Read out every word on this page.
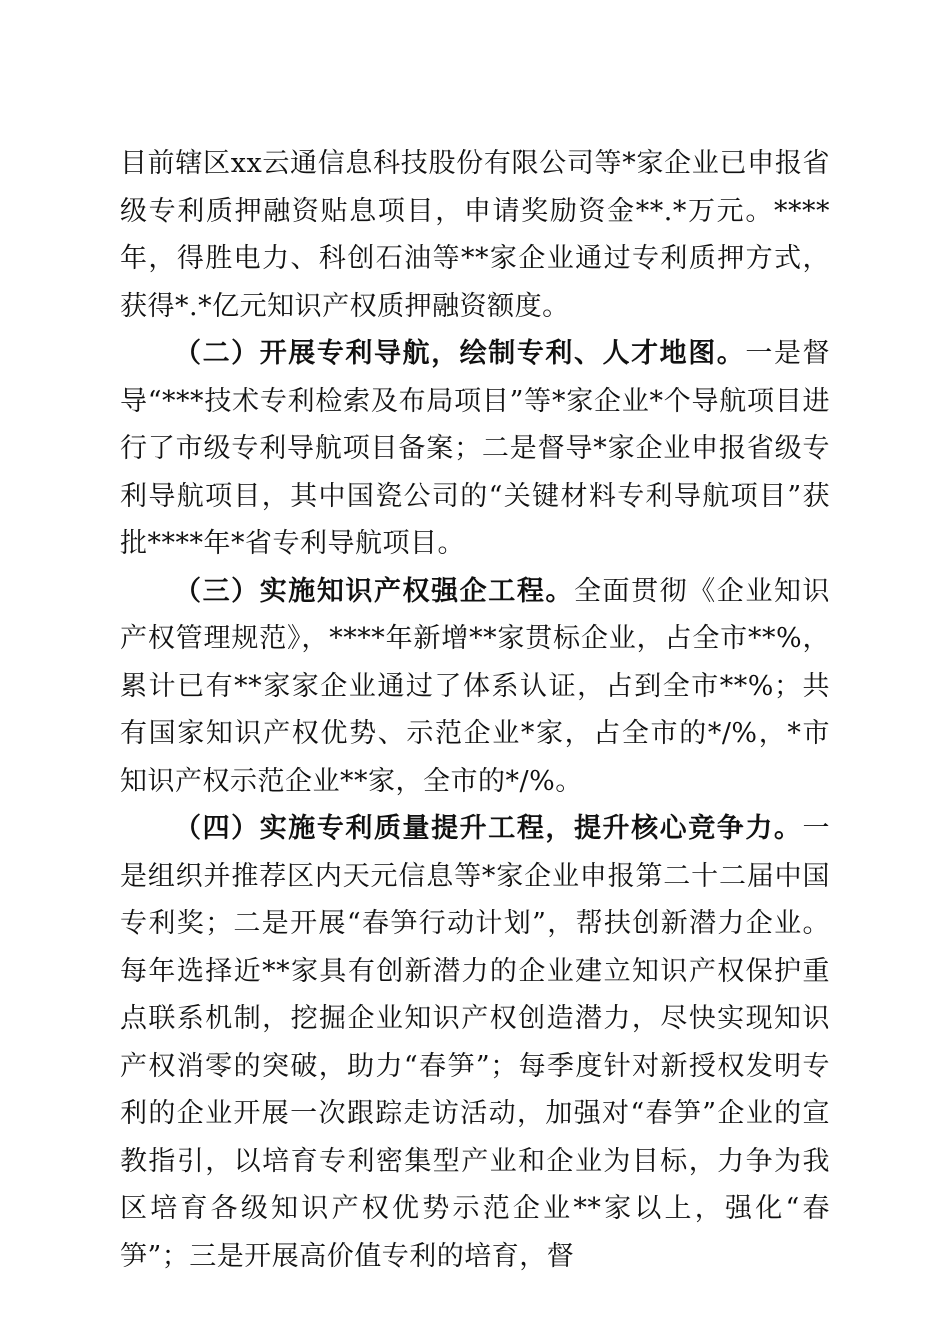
目前辖区xx云通信息科技股份有限公司等*家企业已申报省级专利质押融资贴息项目，申请奖励资金**.*万元。****年，得胜电力、科创石油等**家企业通过专利质押方式，获得*.*亿元知识产权质押融资额度。

（二）开展专利导航，绘制专利、人才地图。一是督导“***技术专利检索及布局项目”等*家企业*个导航项目进行了市级专利导航项目备案；二是督导*家企业申报省级专利导航项目，其中国瓷公司的“关键材料专利导航项目”获批****年*省专利导航项目。

（三）实施知识产权强企工程。全面贯彻《企业知识产权管理规范》，****年新增**家贯标企业，占全市**%，累计已有**家家企业通过了体系认证，占到全市**%；共有国家知识产权优势、示范企业*家，占全市的*/%，*市知识产权示范企业**家，全市的*/%。

（四）实施专利质量提升工程，提升核心竞争力。一是组织并推荐区内天元信息等*家企业申报第二十二届中国专利奖；二是开展“春笋行动计划”，帮扶创新潜力企业。每年选择近**家具有创新潜力的企业建立知识产权保护重点联系机制，挖掘企业知识产权创造潜力，尽快实现知识产权消零的突破，助力“春笋”；每季度针对新授权发明专利的企业开展一次跟踪走访活动，加强对“春笋”企业的宣教指引，以培育专利密集型产业和企业为目标，力争为我区培育各级知识产权优势示范企业**家以上，强化“春笋”；三是开展高价值专利的培育，督
